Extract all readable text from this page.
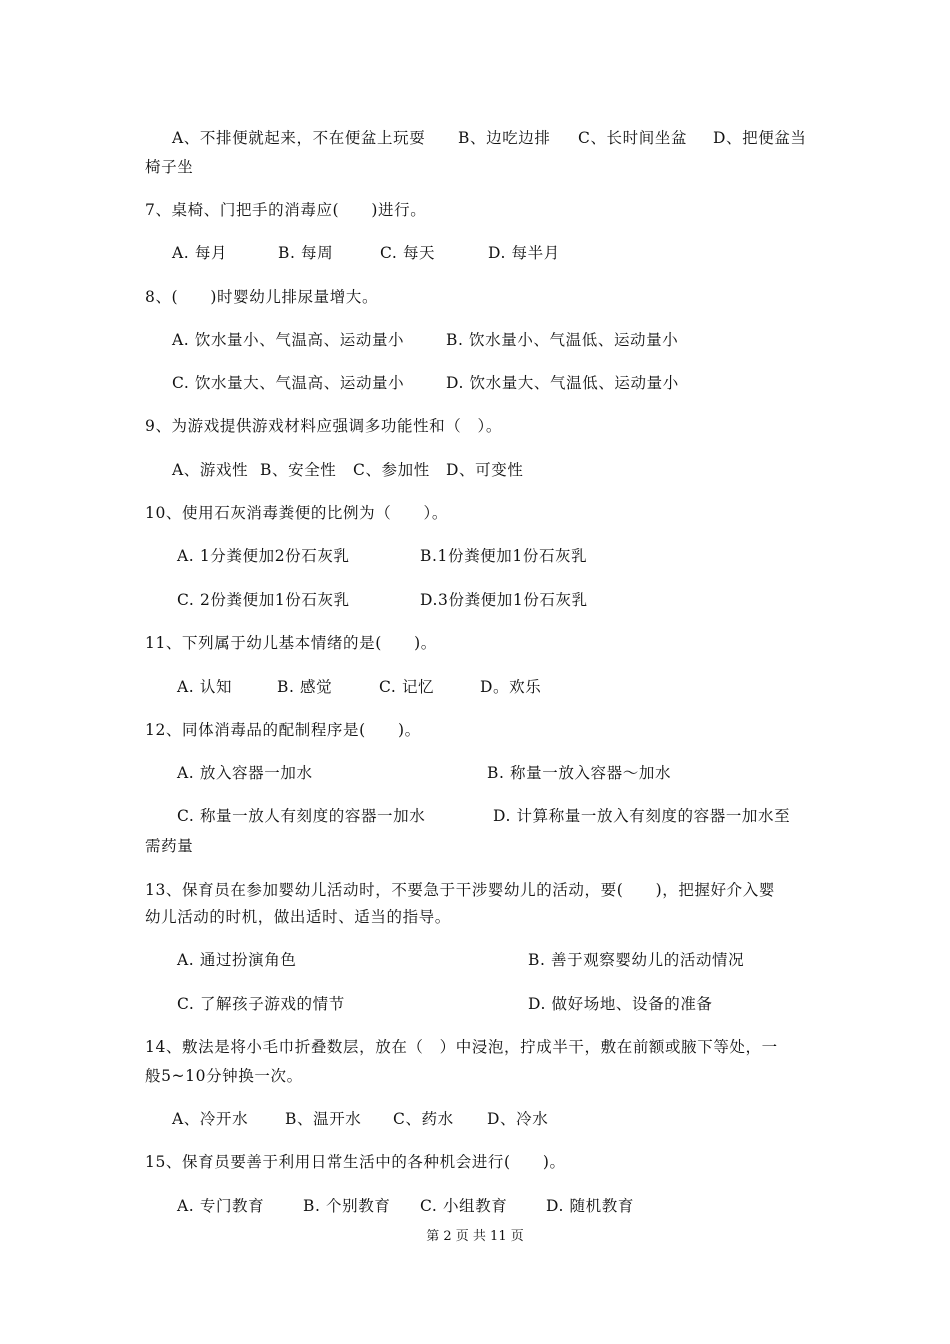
A、不排便就起来，不在便盆上玩耍 B、边吃边排 C、长时间坐盆 D、把便盆当
椅子坐
7、桌椅、门把手的消毒应(　　)进行。
A. 每月	B. 每周	C. 每天	D. 每半月
8、(　　)时婴幼儿排尿量增大。
A. 饮水量小、气温高、运动量小	B. 饮水量小、气温低、运动量小
C. 饮水量大、气温高、运动量小	D. 饮水量大、气温低、运动量小
9、为游戏提供游戏材料应强调多功能性和（　）。
A、游戏性 B、安全性 C、参加性 D、可变性
10、使用石灰消毒粪便的比例为（　　）。
A. 1分粪便加2份石灰乳	B.1份粪便加1份石灰乳
C. 2份粪便加1份石灰乳	D.3份粪便加1份石灰乳
11、下列属于幼儿基本情绪的是(　　)。
A. 认知	B. 感觉	C. 记忆	D。欢乐
12、同体消毒品的配制程序是(　　)。
A. 放入容器一加水	B. 称量一放入容器～加水
C. 称量一放人有刻度的容器一加水	D. 计算称量一放入有刻度的容器一加水至
需药量
13、保育员在参加婴幼儿活动时，不要急于干涉婴幼儿的活动，要(　　)，把握好介入婴
幼儿活动的时机，做出适时、适当的指导。
A. 通过扮演角色	B. 善于观察婴幼儿的活动情况
C. 了解孩子游戏的情节	D. 做好场地、设备的准备
14、敷法是将小毛巾折叠数层，放在（　）中浸泡，拧成半干，敷在前额或腋下等处，一
般5~10分钟换一次。
A、冷开水 B、温开水 C、药水 D、冷水
15、保育员要善于利用日常生活中的各种机会进行(　　)。
A. 专门教育	B. 个别教育 C. 小组教育 D. 随机教育
第 2 页 共 11 页
